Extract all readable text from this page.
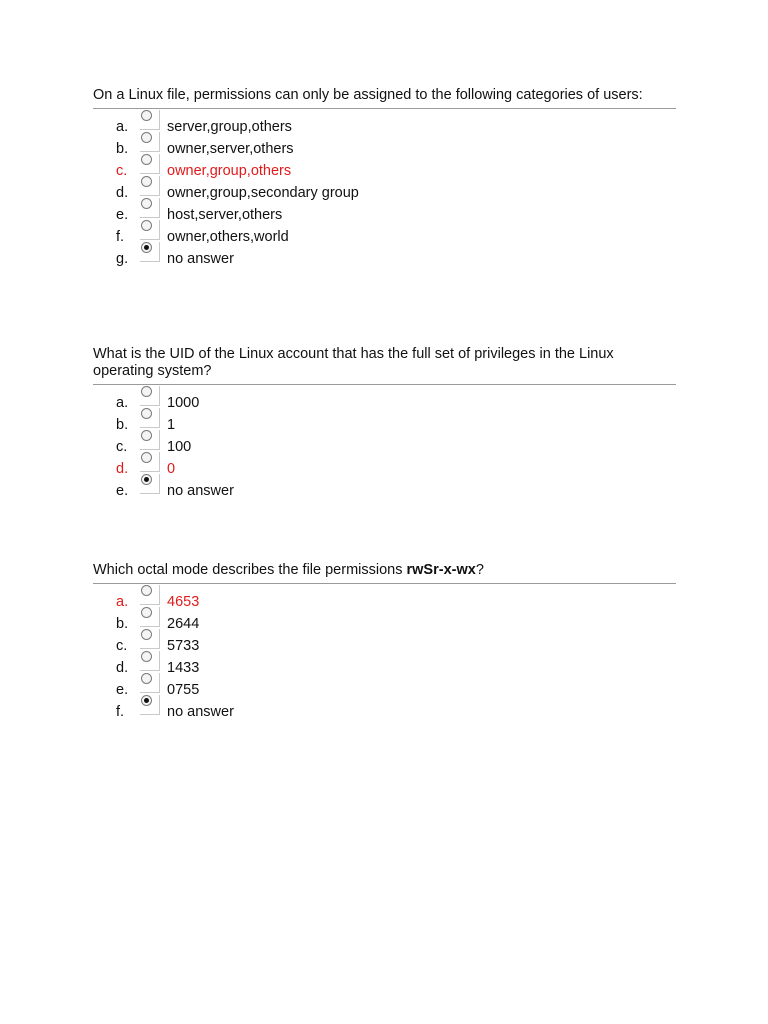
On a Linux file, permissions can only be assigned to the following categories of users:

a.	server,group,others
b.	owner,server,others
c.	owner,group,others
d.	owner,group,secondary group
e.	host,server,others
f.	owner,others,world
g.	no answer

What is the UID of the Linux account that has the full set of privileges in the Linux operating system?

a.	1000
b.	1
c.	100
d.	0
e.	no answer

Which octal mode describes the file permissions rwSr-x-wx?

a.	4653
b.	2644
c.	5733
d.	1433
e.	0755
f.	no answer
